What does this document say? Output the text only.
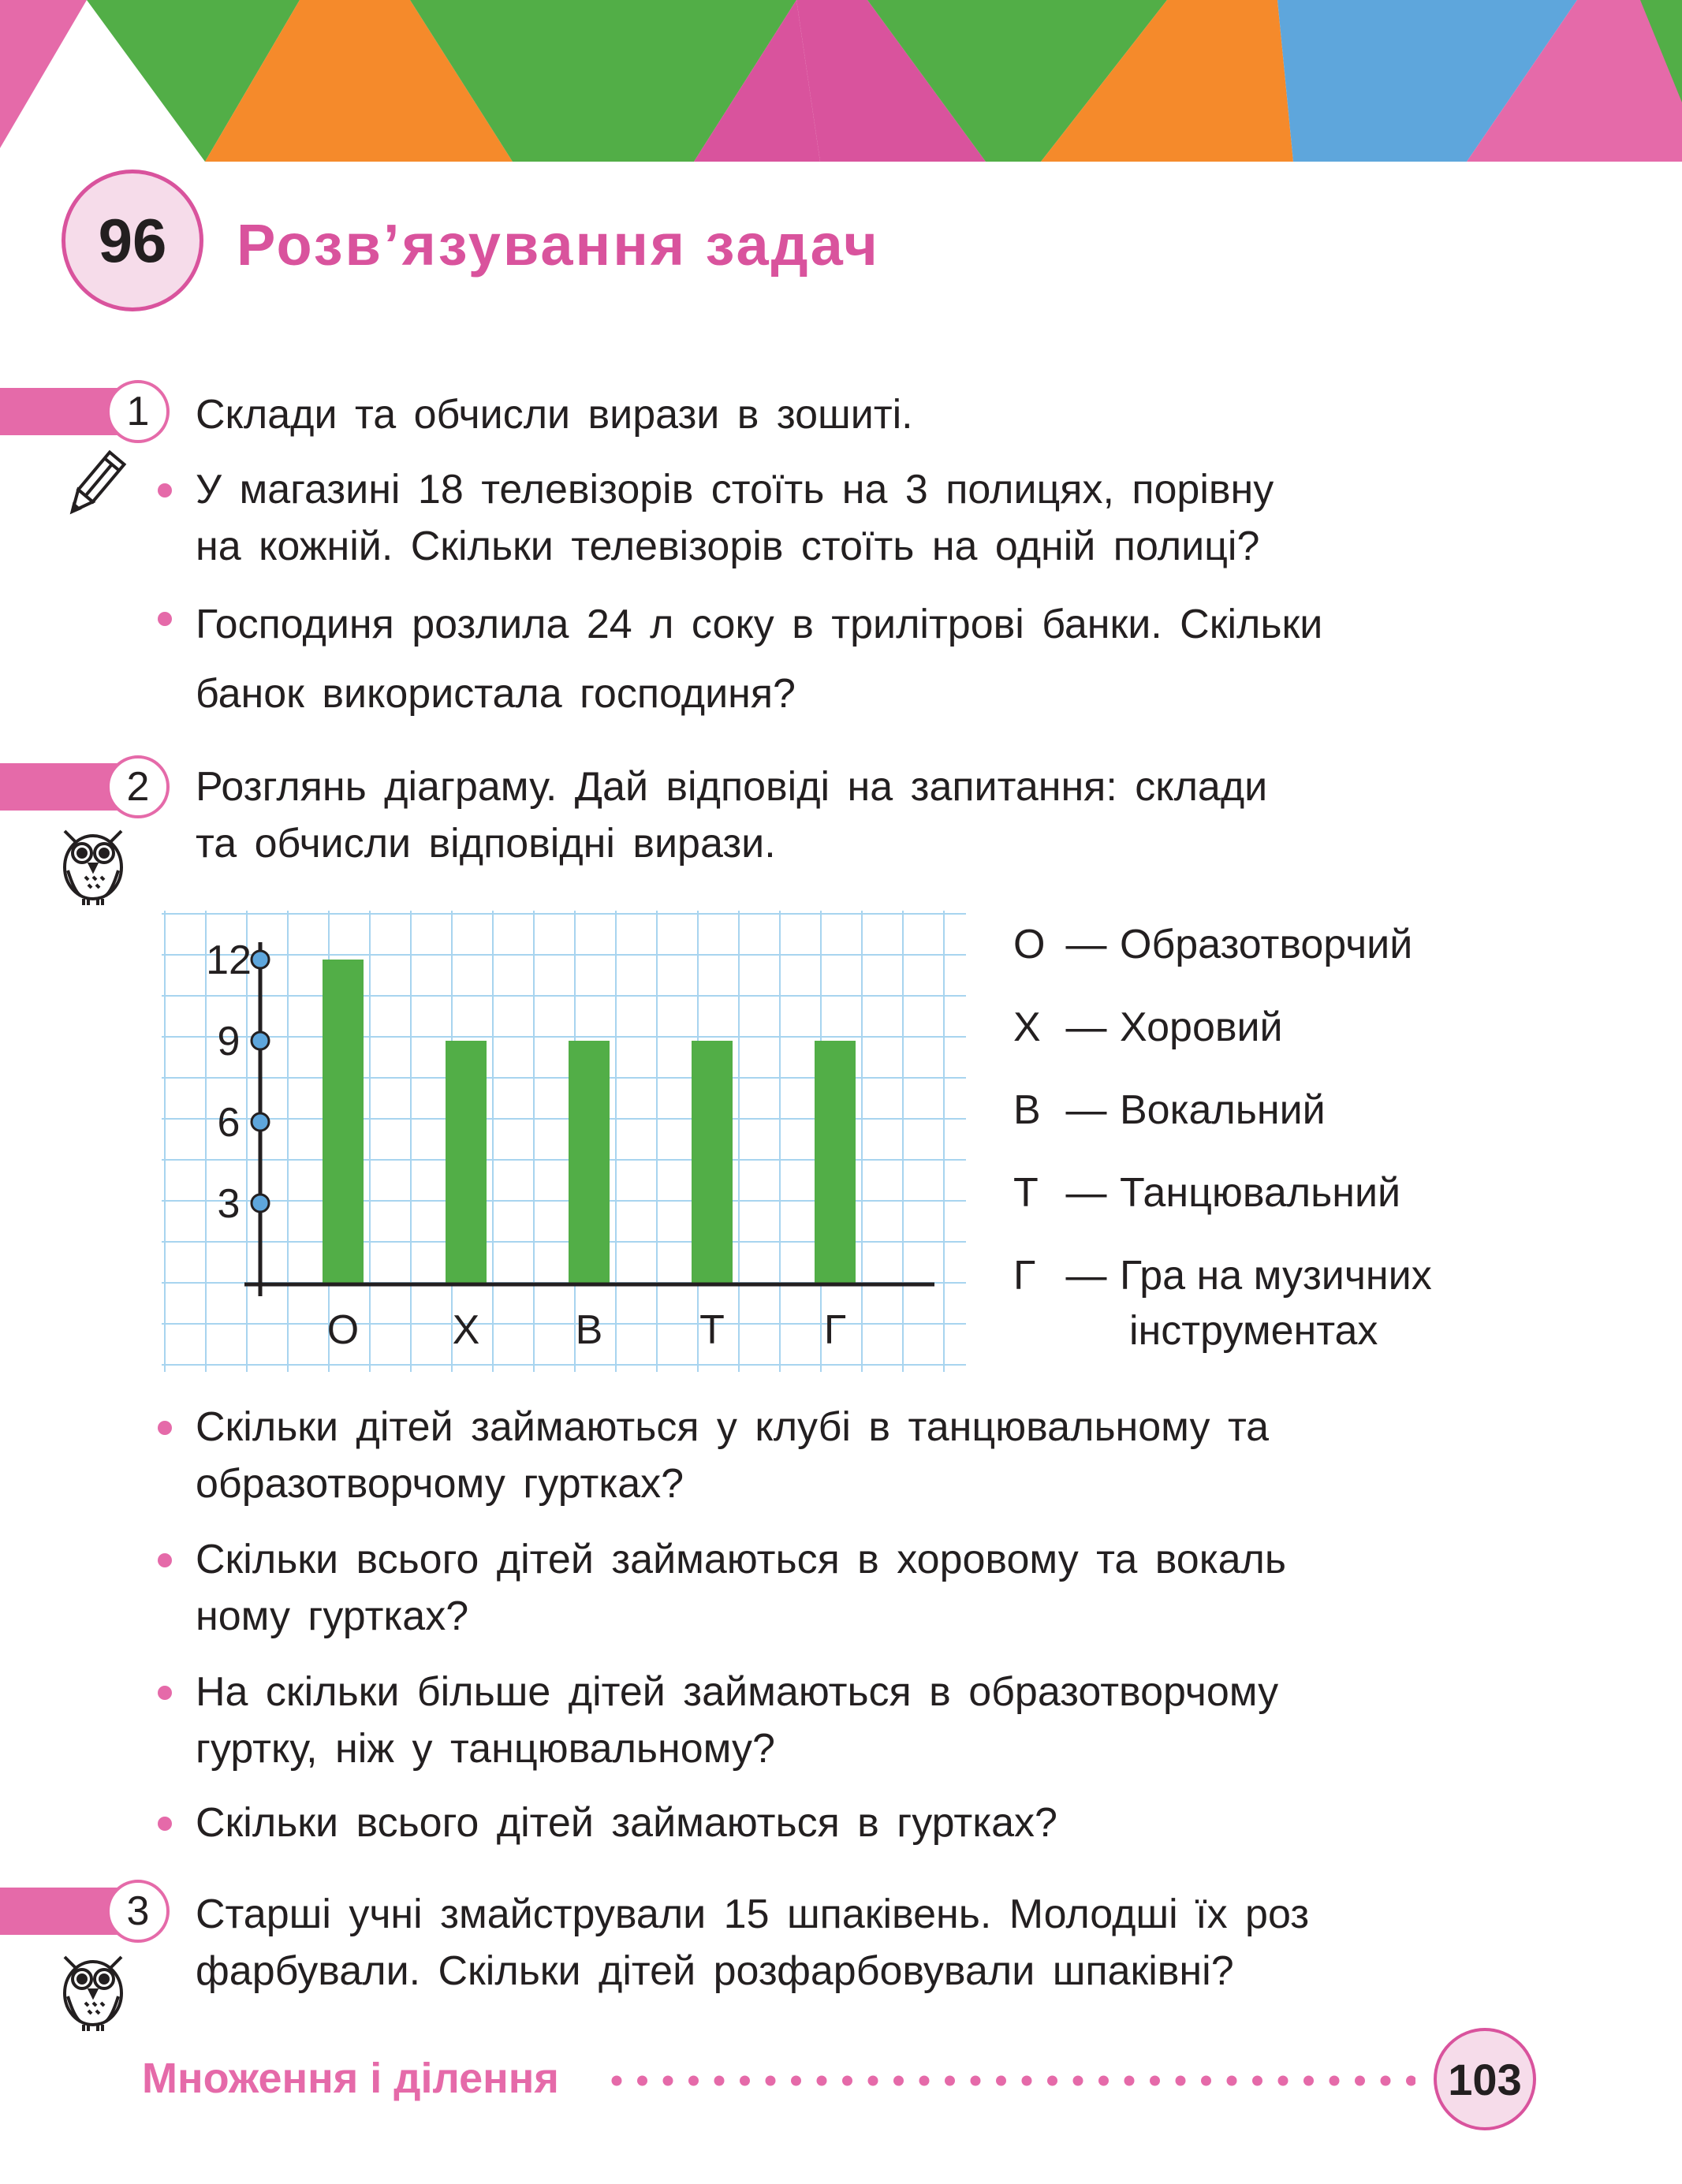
96	Розв’язування задач
1	Склади та обчисли вирази в зошиті.
У магазині 18 телевізорів стоїть на 3 полицях, порівну
на кожній. Скільки телевізорів стоїть на одній полиці?
Господиня розлила 24 л соку в трилітрові банки. Скільки
банок використала господиня?
2	Розглянь діаграму. Дай відповіді на запитання: склади
та обчисли відповідні вирази.
3
6
9
12
О Х В Т Г
О — Образотворчий
Х — Хоровий
В — Вокальний
Т — Танцювальний
Г — Гра на музичних
інструментах
Скільки дітей займаються у клубі в танцювальному та
образотворчому гуртках?
Скільки всього дітей займаються в хоровому та вокаль
ному гуртках?
На скільки більше дітей займаються в образотворчому
гуртку, ніж у танцювальному?
Скільки всього дітей займаються в гуртках?
3	Старші учні змайстрували 15 шпаківень. Молодші їх роз
фарбували. Скільки дітей розфарбовували шпаківні?
Множення і ділення	103
